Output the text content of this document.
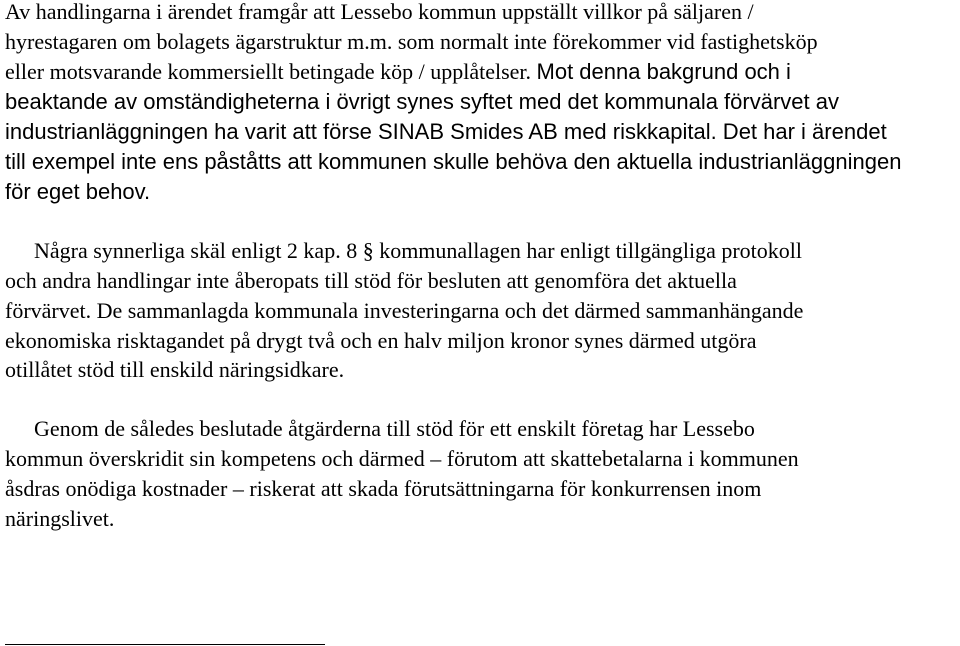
Av handlingarna i ärendet framgår att Lessebo kommun uppställt villkor på säljaren /
hyrestagaren om bolagets ägarstruktur m.m. som normalt inte förekommer vid fastighetsköp
eller motsvarande kommersiellt betingade köp / upplåtelser. Mot denna bakgrund och i
beaktande av omständigheterna i övrigt synes syftet med det kommunala förvärvet av
industrianläggningen ha varit att förse SINAB Smides AB med riskkapital. Det har i ärendet
till exempel inte ens påståtts att kommunen skulle behöva den aktuella industrianläggningen
för eget behov.
Några synnerliga skäl enligt 2 kap. 8 § kommunallagen har enligt tillgängliga protokoll
och andra handlingar inte åberopats till stöd för besluten att genomföra det aktuella
förvärvet. De sammanlagda kommunala investeringarna och det därmed sammanhängande
ekonomiska risktagandet på drygt två och en halv miljon kronor synes därmed utgöra
otillåtet stöd till enskild näringsidkare.
Genom de således beslutade åtgärderna till stöd för ett enskilt företag har Lessebo
kommun överskridit sin kompetens och därmed – förutom att skattebetalarna i kommunen
åsdras onödiga kostnader – riskerat att skada förutsättningarna för konkurrensen inom
näringslivet.
